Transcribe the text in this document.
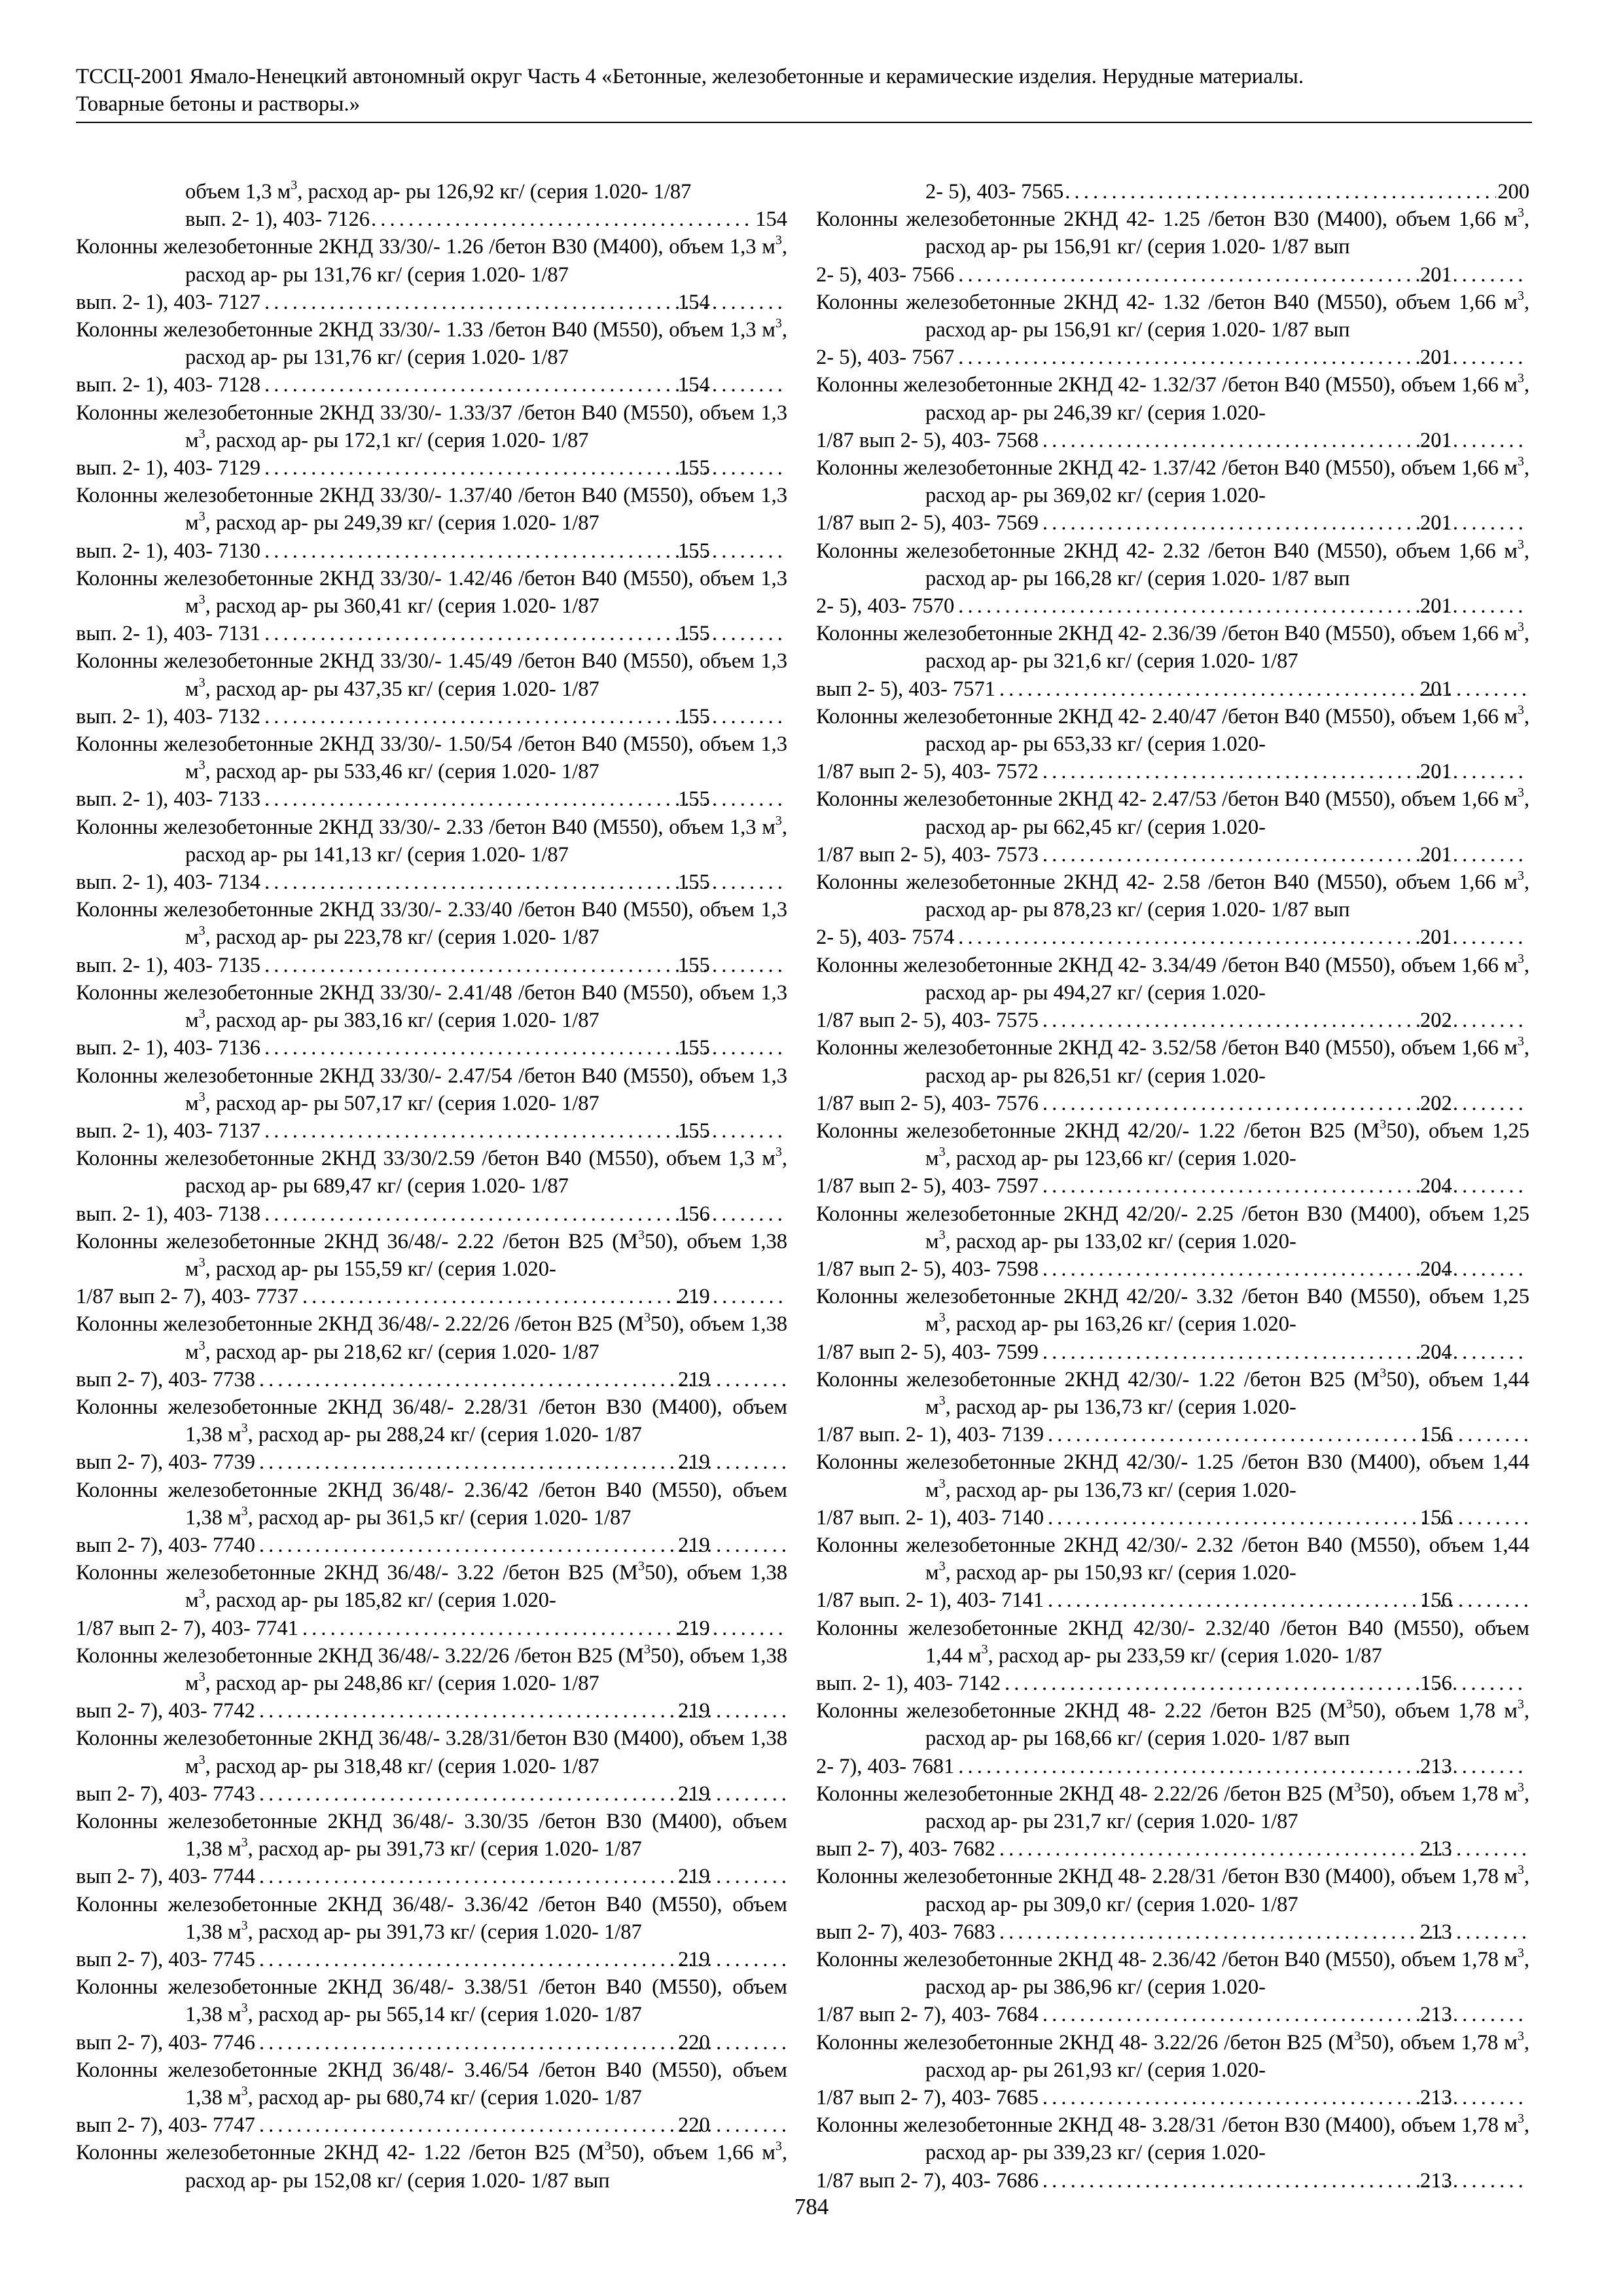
ТССЦ-2001 Ямало-Ненецкий автономный округ Часть 4 «Бетонные, железобетонные и керамические изделия. Нерудные материалы.
Товарные бетоны и растворы.»
объем 1,3 $м^3$, расход ар- ры 126,92 кг/ (серия 1.020- 1/87
вып. 2- 1), 403- 7126 . . .	154
Колонны железобетонные 2КНД 33/30/- 1.26 /бетон В30 (М400), объем 1,3 $м^3$, расход ар- ры 131,76 кг/ (серия 1.020- 1/87
вып. 2- 1), 403- 7127 . . .	154
Колонны железобетонные 2КНД 33/30/- 1.33 /бетон В40 (М550), объем 1,3 $м^3$, расход ар- ры 131,76 кг/ (серия 1.020- 1/87
вып. 2- 1), 403- 7128 . . .	154
Колонны железобетонные 2КНД 33/30/- 1.33/37 /бетон В40 (М550), объем 1,3 $м^3$, расход ар- ры 172,1 кг/ (серия 1.020- 1/87
вып. 2- 1), 403- 7129 . . .	155
Колонны железобетонные 2КНД 33/30/- 1.37/40 /бетон В40 (М550), объем 1,3 $м^3$, расход ар- ры 249,39 кг/ (серия 1.020- 1/87
вып. 2- 1), 403- 7130 . . .	155
Колонны железобетонные 2КНД 33/30/- 1.42/46 /бетон В40 (М550), объем 1,3 $м^3$, расход ар- ры 360,41 кг/ (серия 1.020- 1/87
вып. 2- 1), 403- 7131 . . .	155
Колонны железобетонные 2КНД 33/30/- 1.45/49 /бетон В40 (М550), объем 1,3 $м^3$, расход ар- ры 437,35 кг/ (серия 1.020- 1/87
вып. 2- 1), 403- 7132 . . .	155
Колонны железобетонные 2КНД 33/30/- 1.50/54 /бетон В40 (М550), объем 1,3 $м^3$, расход ар- ры 533,46 кг/ (серия 1.020- 1/87
вып. 2- 1), 403- 7133 . . .	155
Колонны железобетонные 2КНД 33/30/- 2.33 /бетон В40 (М550), объем 1,3 $м^3$, расход ар- ры 141,13 кг/ (серия 1.020- 1/87
вып. 2- 1), 403- 7134 . . .	155
Колонны железобетонные 2КНД 33/30/- 2.33/40 /бетон В40 (М550), объем 1,3 $м^3$, расход ар- ры 223,78 кг/ (серия 1.020- 1/87
вып. 2- 1), 403- 7135 . . .	155
Колонны железобетонные 2КНД 33/30/- 2.41/48 /бетон В40 (М550), объем 1,3 $м^3$, расход ар- ры 383,16 кг/ (серия 1.020- 1/87
вып. 2- 1), 403- 7136 . . .	155
Колонны железобетонные 2КНД 33/30/- 2.47/54 /бетон В40 (М550), объем 1,3 $м^3$, расход ар- ры 507,17 кг/ (серия 1.020- 1/87
вып. 2- 1), 403- 7137 . . .	155
Колонны железобетонные 2КНД 33/30/2.59 /бетон В40 (М550), объем 1,3 $м^3$, расход ар- ры 689,47 кг/ (серия 1.020- 1/87
вып. 2- 1), 403- 7138 . . .	156
Колонны железобетонные 2КНД 36/48/- 2.22 /бетон В25 $(М^350)$, объем 1,38 $м^3$, расход ар- ры 155,59 кг/ (серия 1.020-
1/87 вып 2- 7), 403- 7737 . . .	219
Колонны железобетонные 2КНД 36/48/- 2.22/26 /бетон В25 $(М^350)$, объем 1,38 $м^3$, расход ар- ры 218,62 кг/ (серия 1.020- 1/87
вып 2- 7), 403- 7738 . . .	219
Колонны железобетонные 2КНД 36/48/- 2.28/31 /бетон В30 (М400), объем 1,38 $м^3$, расход ар- ры 288,24 кг/ (серия 1.020- 1/87
вып 2- 7), 403- 7739 . . .	219
Колонны железобетонные 2КНД 36/48/- 2.36/42 /бетон В40 (М550), объем 1,38 $м^3$, расход ар- ры 361,5 кг/ (серия 1.020- 1/87
вып 2- 7), 403- 7740 . . .	219
Колонны железобетонные 2КНД 36/48/- 3.22 /бетон В25 $(М^350)$, объем 1,38 $м^3$, расход ар- ры 185,82 кг/ (серия 1.020-
1/87 вып 2- 7), 403- 7741 . . .	219
Колонны железобетонные 2КНД 36/48/- 3.22/26 /бетон В25 $(М^350)$, объем 1,38 $м^3$, расход ар- ры 248,86 кг/ (серия 1.020- 1/87
вып 2- 7), 403- 7742 . . .	219
Колонны железобетонные 2КНД 36/48/- 3.28/31/бетон В30 (М400), объем 1,38 $м^3$, расход ар- ры 318,48 кг/ (серия 1.020- 1/87
вып 2- 7), 403- 7743 . . .	219
Колонны железобетонные 2КНД 36/48/- 3.30/35 /бетон В30 (М400), объем 1,38 $м^3$, расход ар- ры 391,73 кг/ (серия 1.020- 1/87
вып 2- 7), 403- 7744 . . .	219
Колонны железобетонные 2КНД 36/48/- 3.36/42 /бетон В40 (М550), объем 1,38 $м^3$, расход ар- ры 391,73 кг/ (серия 1.020- 1/87
вып 2- 7), 403- 7745 . . .	219
Колонны железобетонные 2КНД 36/48/- 3.38/51 /бетон В40 (М550), объем 1,38 $м^3$, расход ар- ры 565,14 кг/ (серия 1.020- 1/87
вып 2- 7), 403- 7746 . . .	220
Колонны железобетонные 2КНД 36/48/- 3.46/54 /бетон В40 (М550), объем 1,38 $м^3$, расход ар- ры 680,74 кг/ (серия 1.020- 1/87
вып 2- 7), 403- 7747 . . .	220
Колонны железобетонные 2КНД 42- 1.22 /бетон В25 $(М^350)$, объем 1,66 $м^3$, расход ар- ры 152,08 кг/ (серия 1.020- 1/87 вып
2- 5), 403- 7565 . . .	200
Колонны железобетонные 2КНД 42- 1.25 /бетон В30 (М400), объем 1,66 $м^3$, расход ар- ры 156,91 кг/ (серия 1.020- 1/87 вып
2- 5), 403- 7566 . . .	201
Колонны железобетонные 2КНД 42- 1.32 /бетон В40 (М550), объем 1,66 $м^3$, расход ар- ры 156,91 кг/ (серия 1.020- 1/87 вып
2- 5), 403- 7567 . . .	201
Колонны железобетонные 2КНД 42- 1.32/37 /бетон В40 (М550), объем 1,66 $м^3$, расход ар- ры 246,39 кг/ (серия 1.020-
1/87 вып 2- 5), 403- 7568 . . .	201
Колонны железобетонные 2КНД 42- 1.37/42 /бетон В40 (М550), объем 1,66 $м^3$, расход ар- ры 369,02 кг/ (серия 1.020-
1/87 вып 2- 5), 403- 7569 . . .	201
Колонны железобетонные 2КНД 42- 2.32 /бетон В40 (М550), объем 1,66 $м^3$, расход ар- ры 166,28 кг/ (серия 1.020- 1/87 вып
2- 5), 403- 7570 . . .	201
Колонны железобетонные 2КНД 42- 2.36/39 /бетон В40 (М550), объем 1,66 $м^3$, расход ар- ры 321,6 кг/ (серия 1.020- 1/87
вып 2- 5), 403- 7571 . . .	201
Колонны железобетонные 2КНД 42- 2.40/47 /бетон В40 (М550), объем 1,66 $м^3$, расход ар- ры 653,33 кг/ (серия 1.020-
1/87 вып 2- 5), 403- 7572 . . .	201
Колонны железобетонные 2КНД 42- 2.47/53 /бетон В40 (М550), объем 1,66 $м^3$, расход ар- ры 662,45 кг/ (серия 1.020-
1/87 вып 2- 5), 403- 7573 . . .	201
Колонны железобетонные 2КНД 42- 2.58 /бетон В40 (М550), объем 1,66 $м^3$, расход ар- ры 878,23 кг/ (серия 1.020- 1/87 вып
2- 5), 403- 7574 . . .	201
Колонны железобетонные 2КНД 42- 3.34/49 /бетон В40 (М550), объем 1,66 $м^3$, расход ар- ры 494,27 кг/ (серия 1.020-
1/87 вып 2- 5), 403- 7575 . . .	202
Колонны железобетонные 2КНД 42- 3.52/58 /бетон В40 (М550), объем 1,66 $м^3$, расход ар- ры 826,51 кг/ (серия 1.020-
1/87 вып 2- 5), 403- 7576 . . .	202
Колонны железобетонные 2КНД 42/20/- 1.22 /бетон В25 $(М^350)$, объем 1,25 $м^3$, расход ар- ры 123,66 кг/ (серия 1.020-
1/87 вып 2- 5), 403- 7597 . . .	204
Колонны железобетонные 2КНД 42/20/- 2.25 /бетон В30 (М400), объем 1,25 $м^3$, расход ар- ры 133,02 кг/ (серия 1.020-
1/87 вып 2- 5), 403- 7598 . . .	204
Колонны железобетонные 2КНД 42/20/- 3.32 /бетон В40 (М550), объем 1,25 $м^3$, расход ар- ры 163,26 кг/ (серия 1.020-
1/87 вып 2- 5), 403- 7599 . . .	204
Колонны железобетонные 2КНД 42/30/- 1.22 /бетон В25 $(М^350)$, объем 1,44 $м^3$, расход ар- ры 136,73 кг/ (серия 1.020-
1/87 вып. 2- 1), 403- 7139 . . .	156
Колонны железобетонные 2КНД 42/30/- 1.25 /бетон В30 (М400), объем 1,44 $м^3$, расход ар- ры 136,73 кг/ (серия 1.020-
1/87 вып. 2- 1), 403- 7140 . . .	156
Колонны железобетонные 2КНД 42/30/- 2.32 /бетон В40 (М550), объем 1,44 $м^3$, расход ар- ры 150,93 кг/ (серия 1.020-
1/87 вып. 2- 1), 403- 7141 . . .	156
Колонны железобетонные 2КНД 42/30/- 2.32/40 /бетон В40 (М550), объем 1,44 $м^3$, расход ар- ры 233,59 кг/ (серия 1.020- 1/87
вып. 2- 1), 403- 7142 . . .	156
Колонны железобетонные 2КНД 48- 2.22 /бетон В25 $(М^350)$, объем 1,78 $м^3$, расход ар- ры 168,66 кг/ (серия 1.020- 1/87 вып
2- 7), 403- 7681 . . .	213
Колонны железобетонные 2КНД 48- 2.22/26 /бетон В25 $(М^350)$, объем 1,78 $м^3$, расход ар- ры 231,7 кг/ (серия 1.020- 1/87
вып 2- 7), 403- 7682 . . .	213
Колонны железобетонные 2КНД 48- 2.28/31 /бетон В30 (М400), объем 1,78 $м^3$, расход ар- ры 309,0 кг/ (серия 1.020- 1/87
вып 2- 7), 403- 7683 . . .	213
Колонны железобетонные 2КНД 48- 2.36/42 /бетон В40 (М550), объем 1,78 $м^3$, расход ар- ры 386,96 кг/ (серия 1.020-
1/87 вып 2- 7), 403- 7684 . . .	213
Колонны железобетонные 2КНД 48- 3.22/26 /бетон В25 $(М^350)$, объем 1,78 $м^3$, расход ар- ры 261,93 кг/ (серия 1.020-
1/87 вып 2- 7), 403- 7685 . . .	213
Колонны железобетонные 2КНД 48- 3.28/31 /бетон В30 (М400), объем 1,78 $м^3$, расход ар- ры 339,23 кг/ (серия 1.020-
1/87 вып 2- 7), 403- 7686 . . .	213
784
